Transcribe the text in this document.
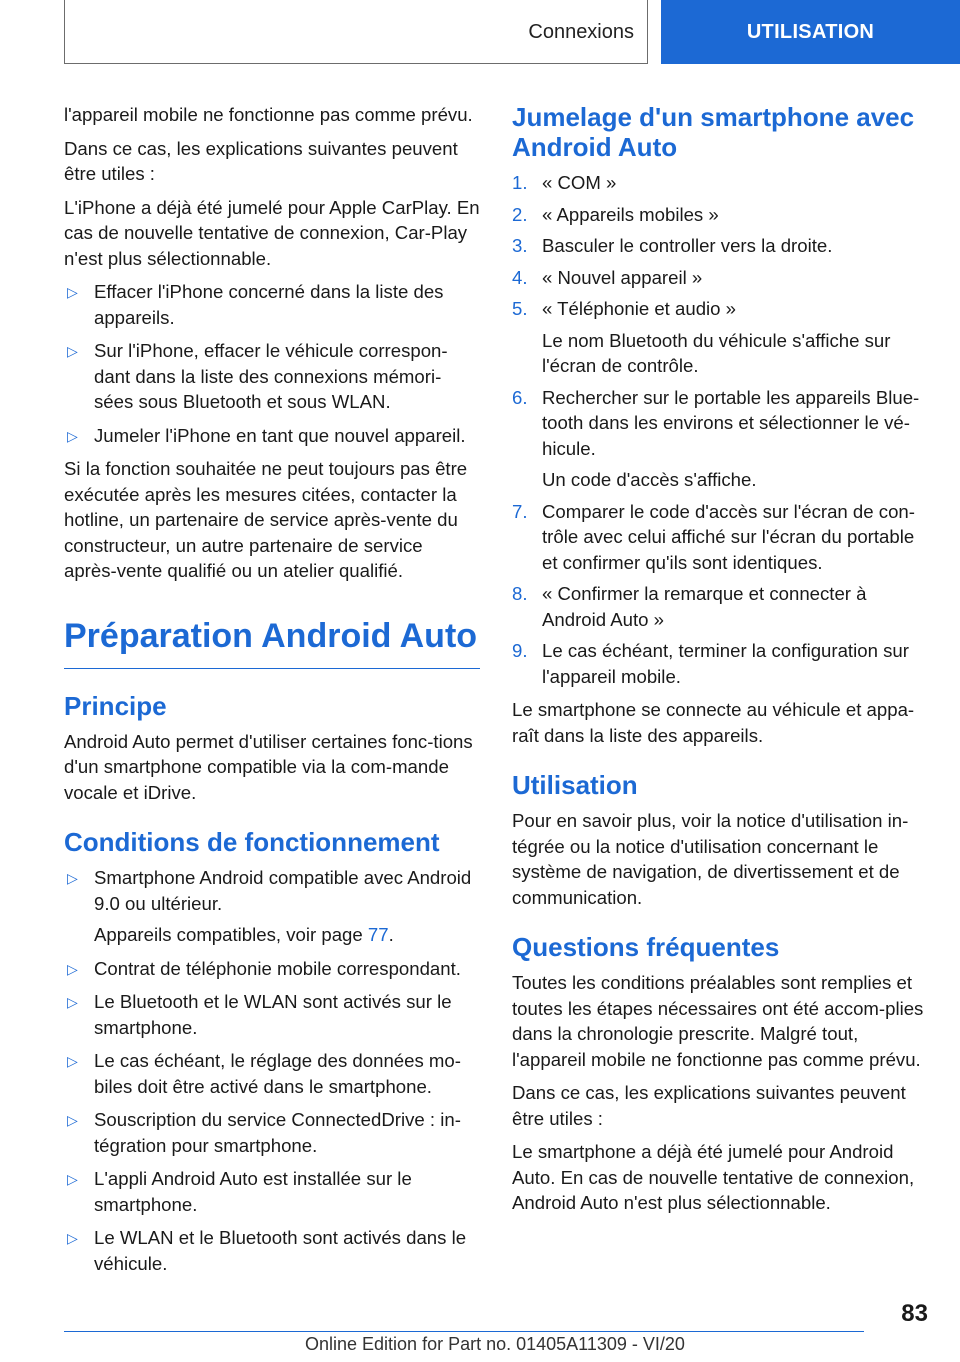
Connexions	UTILISATION

l'appareil mobile ne fonctionne pas comme prévu.

Dans ce cas, les explications suivantes peuvent être utiles :

L'iPhone a déjà été jumelé pour Apple CarPlay. En cas de nouvelle tentative de connexion, Car‐Play n'est plus sélectionnable.

▷ Effacer l'iPhone concerné dans la liste des appareils.
▷ Sur l'iPhone, effacer le véhicule correspon‐dant dans la liste des connexions mémori‐sées sous Bluetooth et sous WLAN.
▷ Jumeler l'iPhone en tant que nouvel appareil.

Si la fonction souhaitée ne peut toujours pas être exécutée après les mesures citées, contacter la hotline, un partenaire de service après-vente du constructeur, un autre partenaire de service après-vente qualifié ou un atelier qualifié.

Préparation Android Auto
Principe

Android Auto permet d'utiliser certaines fonc‐tions d'un smartphone compatible via la com‐mande vocale et iDrive.

Conditions de fonctionnement
▷ Smartphone Android compatible avec Android 9.0 ou ultérieur.
Appareils compatibles, voir page 77.
▷ Contrat de téléphonie mobile correspondant.
▷ Le Bluetooth et le WLAN sont activés sur le smartphone.
▷ Le cas échéant, le réglage des données mo‐biles doit être activé dans le smartphone.
▷ Souscription du service ConnectedDrive : in‐tégration pour smartphone.
▷ L'appli Android Auto est installée sur le smartphone.
▷ Le WLAN et le Bluetooth sont activés dans le véhicule.
Jumelage d'un smartphone avec Android Auto
1. « COM »
2. « Appareils mobiles »
3. Basculer le controller vers la droite.
4. « Nouvel appareil »
5. « Téléphonie et audio »
Le nom Bluetooth du véhicule s'affiche sur l'écran de contrôle.
6. Rechercher sur le portable les appareils Blue‐tooth dans les environs et sélectionner le vé‐hicule.
Un code d'accès s'affiche.
7. Comparer le code d'accès sur l'écran de con‐trôle avec celui affiché sur l'écran du portable et confirmer qu'ils sont identiques.
8. « Confirmer la remarque et connecter à Android Auto »
9. Le cas échéant, terminer la configuration sur l'appareil mobile.

Le smartphone se connecte au véhicule et appa‐raît dans la liste des appareils.

Utilisation

Pour en savoir plus, voir la notice d'utilisation in‐tégrée ou la notice d'utilisation concernant le système de navigation, de divertissement et de communication.

Questions fréquentes

Toutes les conditions préalables sont remplies et toutes les étapes nécessaires ont été accom‐plies dans la chronologie prescrite. Malgré tout, l'appareil mobile ne fonctionne pas comme prévu.

Dans ce cas, les explications suivantes peuvent être utiles :

Le smartphone a déjà été jumelé pour Android Auto. En cas de nouvelle tentative de connexion, Android Auto n'est plus sélectionnable.

83
Online Edition for Part no. 01405A11309 - VI/20
